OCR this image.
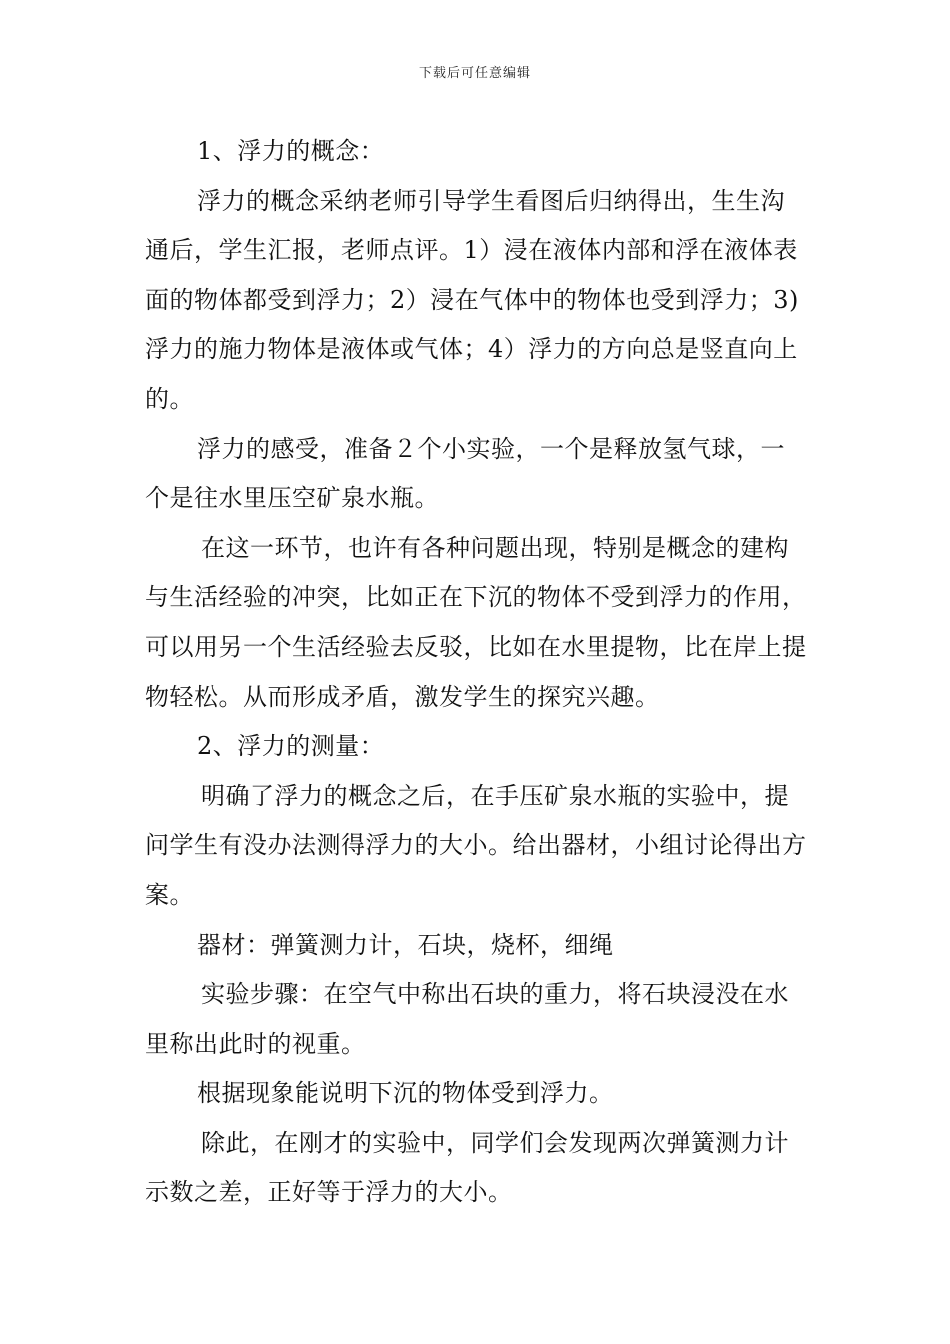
下载后可任意编辑

1、浮力的概念：

浮力的概念采纳老师引导学生看图后归纳得出，生生沟通后，学生汇报，老师点评。1）浸在液体内部和浮在液体表面的物体都受到浮力；2）浸在气体中的物体也受到浮力；3)浮力的施力物体是液体或气体；4）浮力的方向总是竖直向上的。

浮力的感受，准备２个小实验，一个是释放氢气球，一个是往水里压空矿泉水瓶。

在这一环节，也许有各种问题出现，特别是概念的建构与生活经验的冲突，比如正在下沉的物体不受到浮力的作用，可以用另一个生活经验去反驳，比如在水里提物，比在岸上提物轻松。从而形成矛盾，激发学生的探究兴趣。

2、浮力的测量：

明确了浮力的概念之后，在手压矿泉水瓶的实验中，提问学生有没办法测得浮力的大小。给出器材，小组讨论得出方案。

器材：弹簧测力计，石块，烧杯，细绳

实验步骤：在空气中称出石块的重力，将石块浸没在水里称出此时的视重。

根据现象能说明下沉的物体受到浮力。

除此，在刚才的实验中，同学们会发现两次弹簧测力计示数之差，正好等于浮力的大小。
